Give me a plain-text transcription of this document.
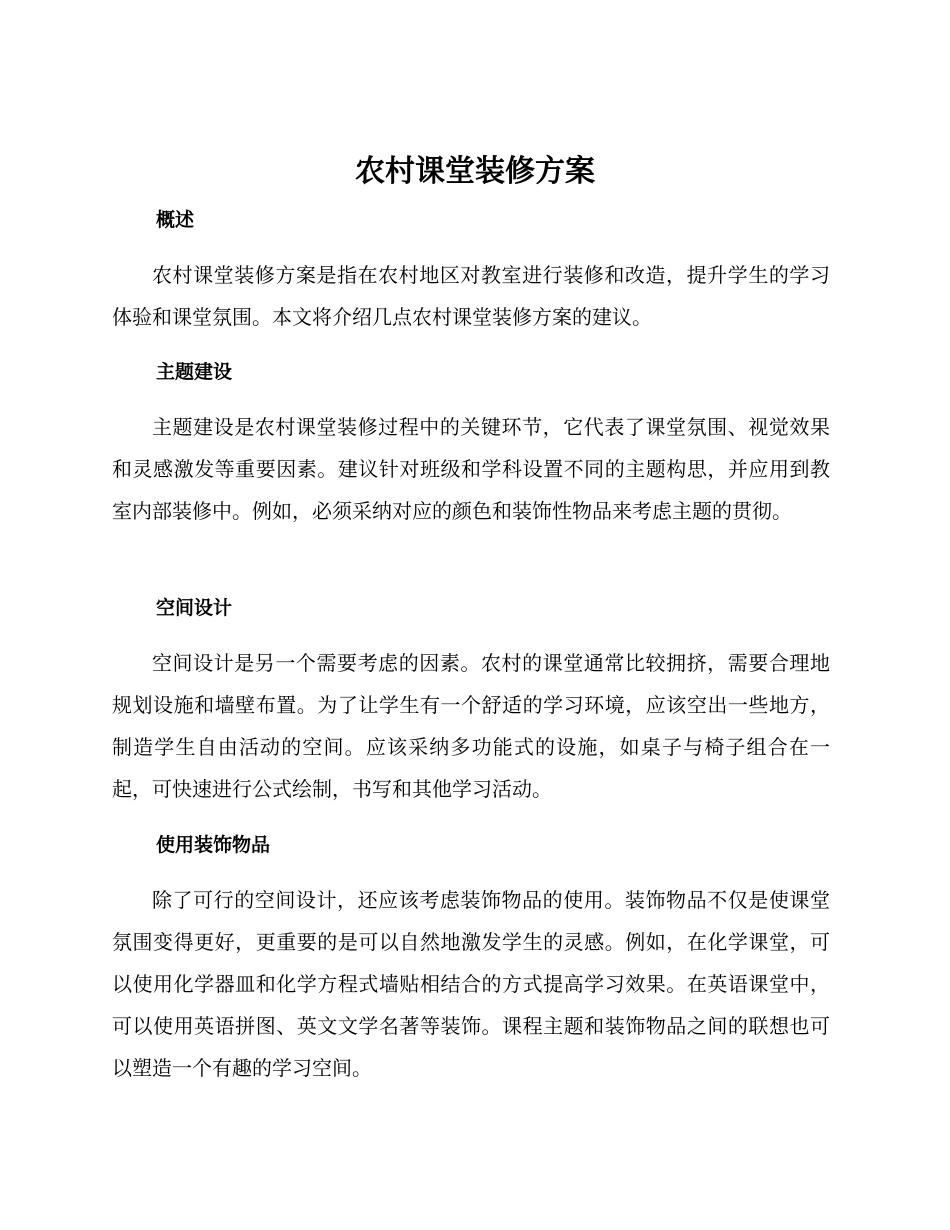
农村课堂装修方案
概述

农村课堂装修方案是指在农村地区对教室进行装修和改造，提升学生的学习体验和课堂氛围。本文将介绍几点农村课堂装修方案的建议。

主题建设

主题建设是农村课堂装修过程中的关键环节，它代表了课堂氛围、视觉效果和灵感激发等重要因素。建议针对班级和学科设置不同的主题构思，并应用到教室内部装修中。例如，必须采纳对应的颜色和装饰性物品来考虑主题的贯彻。

空间设计

空间设计是另一个需要考虑的因素。农村的课堂通常比较拥挤，需要合理地规划设施和墙壁布置。为了让学生有一个舒适的学习环境，应该空出一些地方，制造学生自由活动的空间。应该采纳多功能式的设施，如桌子与椅子组合在一起，可快速进行公式绘制，书写和其他学习活动。

使用装饰物品

除了可行的空间设计，还应该考虑装饰物品的使用。装饰物品不仅是使课堂氛围变得更好，更重要的是可以自然地激发学生的灵感。例如，在化学课堂，可以使用化学器皿和化学方程式墙贴相结合的方式提高学习效果。在英语课堂中，可以使用英语拼图、英文文学名著等装饰。课程主题和装饰物品之间的联想也可以塑造一个有趣的学习空间。
